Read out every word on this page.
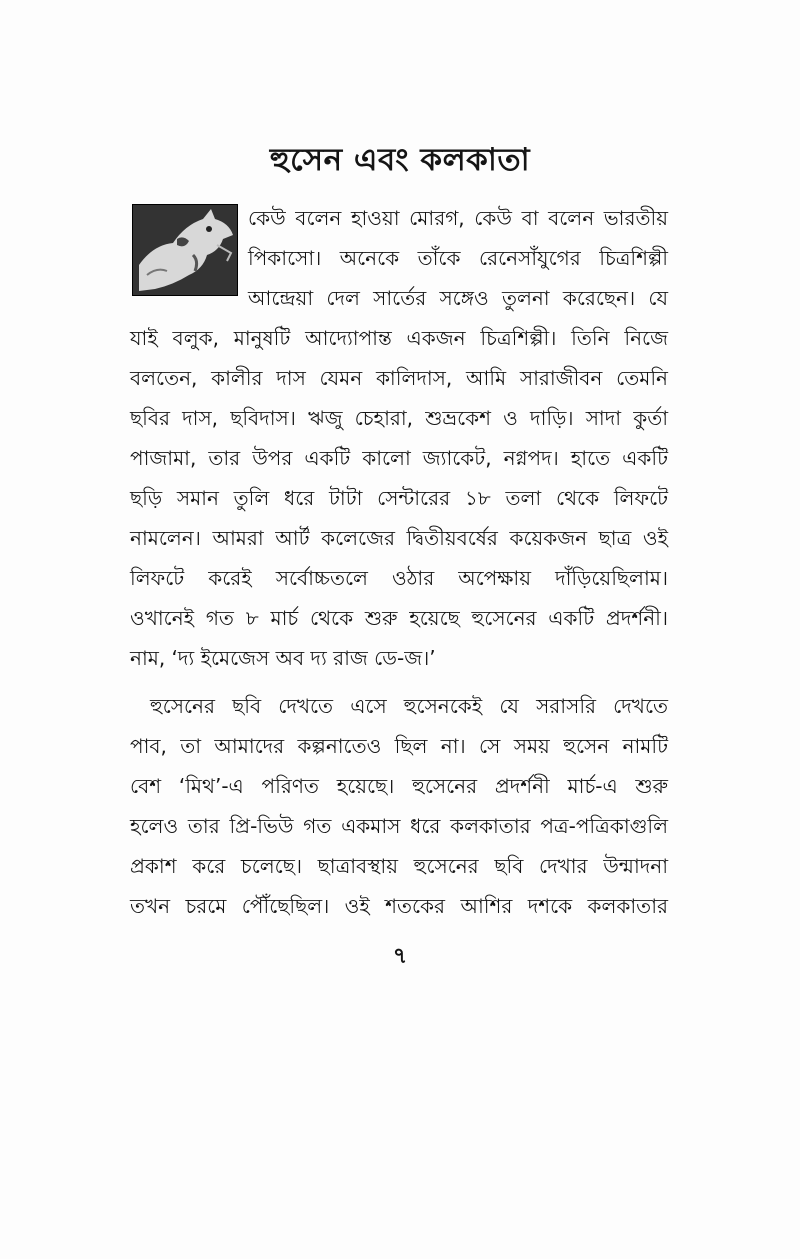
হুসেন এবং কলকাতা
কেউ বলেন হাওয়া মোরগ, কেউ বা বলেন ভারতীয়
পিকাসো। অনেকে তাঁকে রেনেসাঁযুগের চিত্রশিল্পী
আন্দ্রেয়া দেল সার্তের সঙ্গেও তুলনা করেছেন। যে
যাই বলুক, মানুষটি আদ্যোপান্ত একজন চিত্রশিল্পী। তিনি নিজে
বলতেন, কালীর দাস যেমন কালিদাস, আমি সারাজীবন তেমনি
ছবির দাস, ছবিদাস। ঋজু চেহারা, শুভ্রকেশ ও দাড়ি। সাদা কুর্তা
পাজামা, তার উপর একটি কালো জ্যাকেট, নগ্নপদ। হাতে একটি
ছড়ি সমান তুলি ধরে টাটা সেন্টারের ১৮ তলা থেকে লিফটে
নামলেন। আমরা আর্ট কলেজের দ্বিতীয়বর্ষের কয়েকজন ছাত্র ওই
লিফটে করেই সর্বোচ্চতলে ওঠার অপেক্ষায় দাঁড়িয়েছিলাম।
ওখানেই গত ৮ মার্চ থেকে শুরু হয়েছে হুসেনের একটি প্রদর্শনী।
নাম, ‘দ্য ইমেজেস অব দ্য রাজ ডে-জ।’
হুসেনের ছবি দেখতে এসে হুসেনকেই যে সরাসরি দেখতে
পাব, তা আমাদের কল্পনাতেও ছিল না। সে সময় হুসেন নামটি
বেশ ‘মিথ’-এ পরিণত হয়েছে। হুসেনের প্রদর্শনী মার্চ-এ শুরু
হলেও তার প্রি-ভিউ গত একমাস ধরে কলকাতার পত্র-পত্রিকাগুলি
প্রকাশ করে চলেছে। ছাত্রাবস্থায় হুসেনের ছবি দেখার উন্মাদনা
তখন চরমে পৌঁছেছিল। ওই শতকের আশির দশকে কলকাতার
৭
